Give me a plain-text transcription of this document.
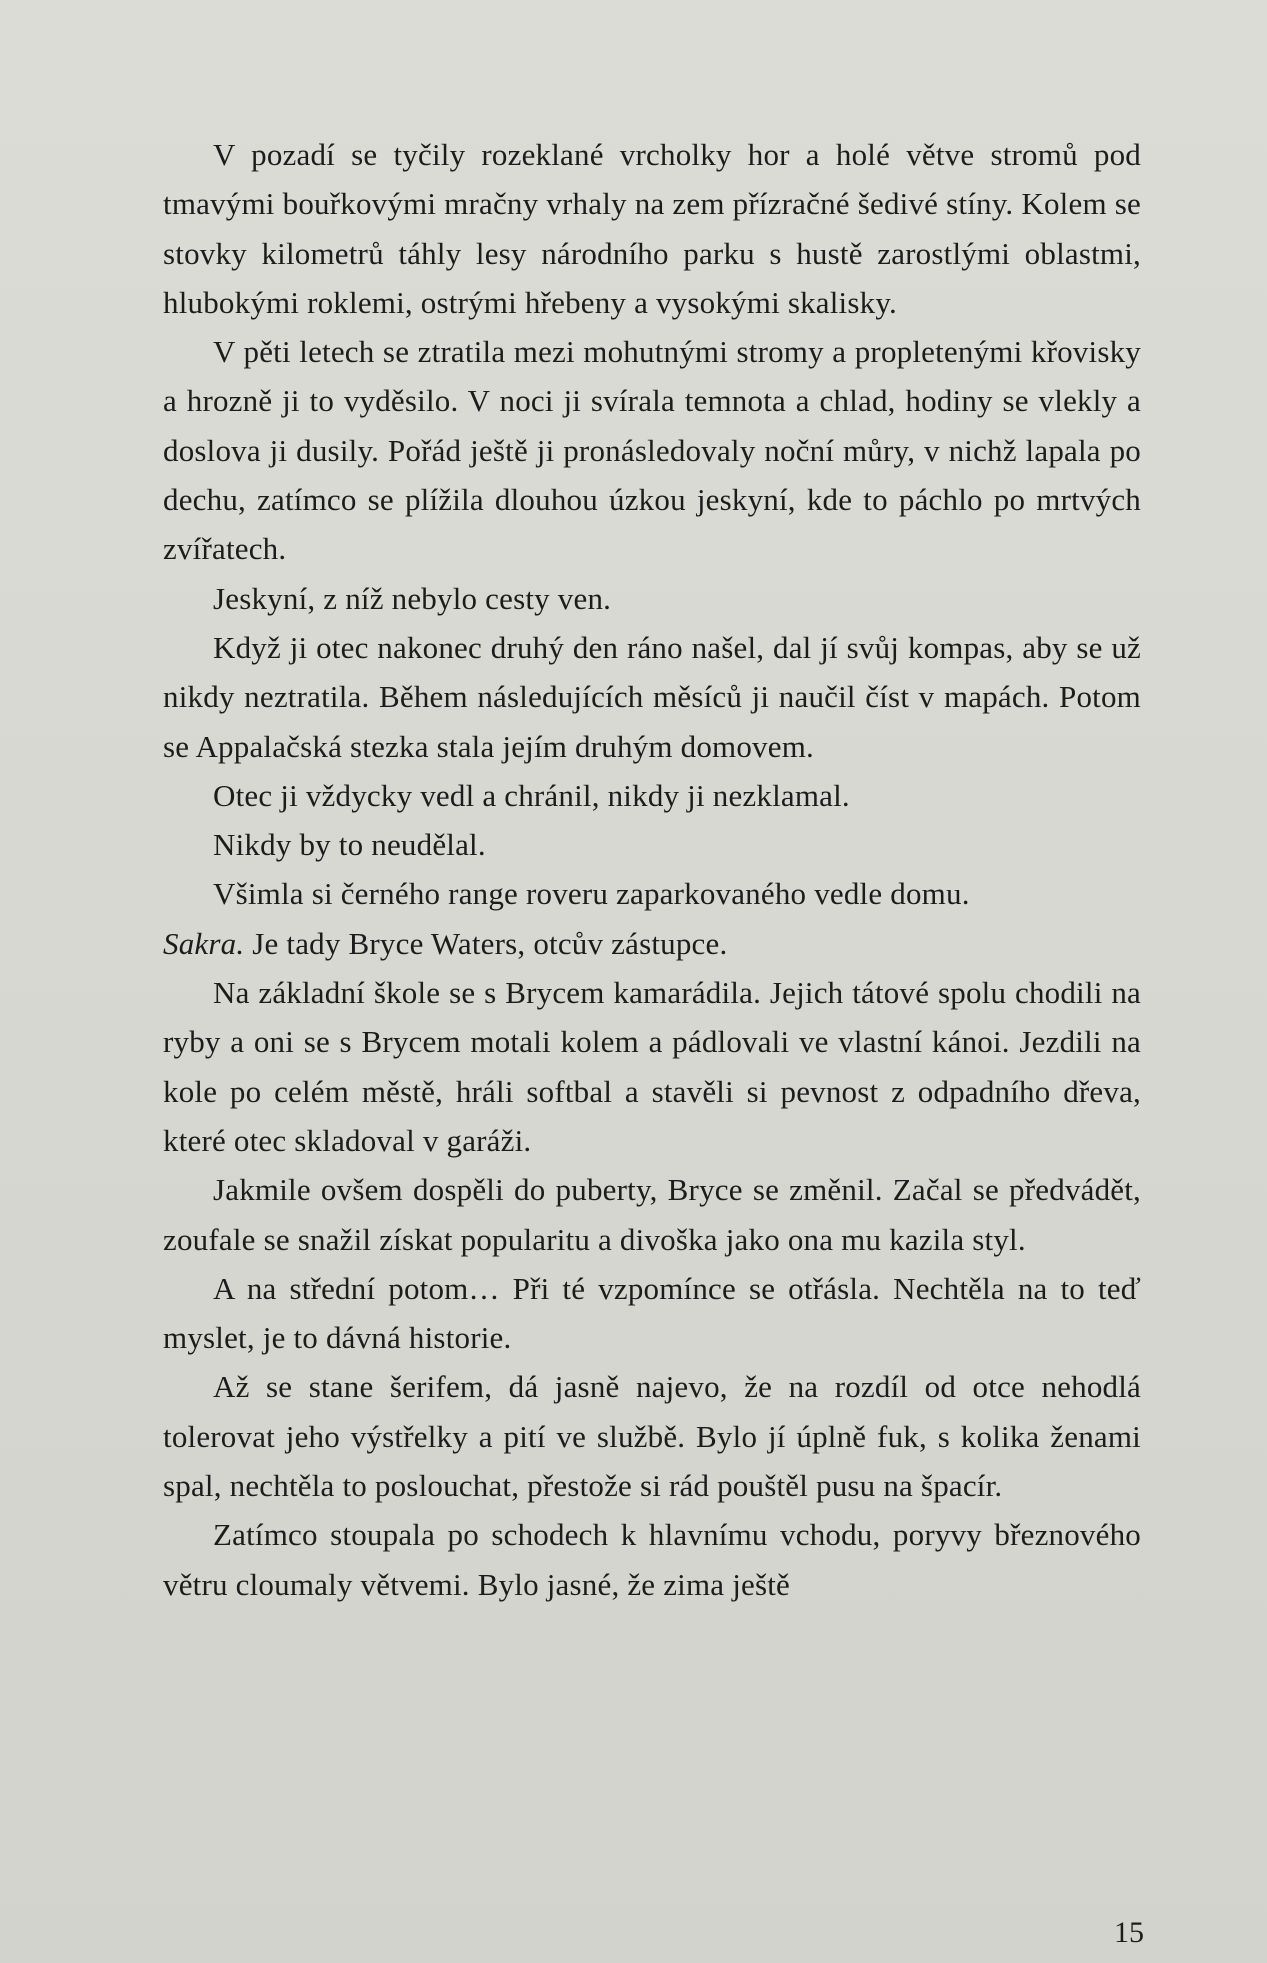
V pozadí se tyčily rozeklané vrcholky hor a holé větve stromů pod tmavými bouřkovými mračny vrhaly na zem přízračné šedivé stíny. Kolem se stovky kilometrů táhly lesy národního parku s hustě zarostlými oblastmi, hlubokými roklemi, ostrými hřebeny a vysokými skalisky.

V pěti letech se ztratila mezi mohutnými stromy a propletenými křovisky a hrozně ji to vyděsilo. V noci ji svírala temnota a chlad, hodiny se vlekly a doslova ji dusily. Pořád ještě ji pronásledovaly noční můry, v nichž lapala po dechu, zatímco se plížila dlouhou úzkou jeskyní, kde to páchlo po mrtvých zvířatech.

Jeskyní, z níž nebylo cesty ven.

Když ji otec nakonec druhý den ráno našel, dal jí svůj kompas, aby se už nikdy neztratila. Během následujících měsíců ji naučil číst v mapách. Potom se Appalačská stezka stala jejím druhým domovem.

Otec ji vždycky vedl a chránil, nikdy ji nezklamal.

Nikdy by to neudělal.

Všimla si černého range roveru zaparkovaného vedle domu.

Sakra. Je tady Bryce Waters, otcův zástupce.

Na základní škole se s Brycem kamarádila. Jejich tátové spolu chodili na ryby a oni se s Brycem motali kolem a pádlovali ve vlastní kánoi. Jezdili na kole po celém městě, hráli softbal a stavěli si pevnost z odpadního dřeva, které otec skladoval v garáži.

Jakmile ovšem dospěli do puberty, Bryce se změnil. Začal se předvádět, zoufale se snažil získat popularitu a divoška jako ona mu kazila styl.

A na střední potom… Při té vzpomínce se otřásla. Nechtěla na to teď myslet, je to dávná historie.

Až se stane šerifem, dá jasně najevo, že na rozdíl od otce nehodlá tolerovat jeho výstřelky a pití ve službě. Bylo jí úplně fuk, s kolika ženami spal, nechtěla to poslouchat, přestože si rád pouštěl pusu na špacír.

Zatímco stoupala po schodech k hlavnímu vchodu, poryvy březnového větru cloumaly větvemi. Bylo jasné, že zima ještě

15
